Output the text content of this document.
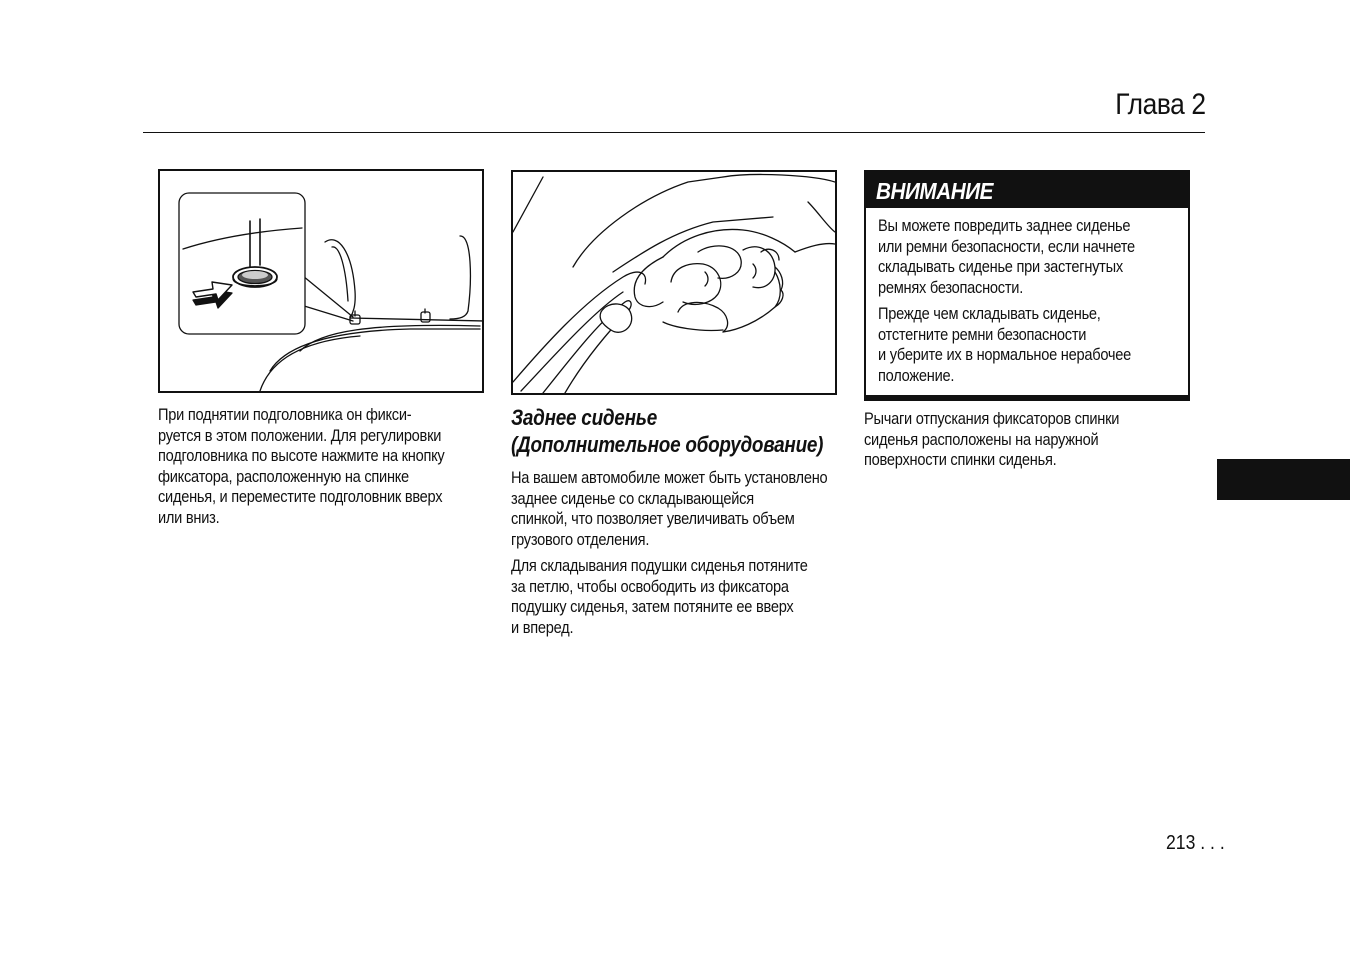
Глава 2

При поднятии подголовника он фикси-

руется в этом положении. Для регулировки

подголовника по высоте нажмите на кнопку

фиксатора, расположенную на спинке

сиденья, и переместите подголовник вверх

или вниз.

Заднее сиденье

(Дополнительное оборудование)

На вашем автомобиле может быть установлено
заднее сиденье со складывающейся
спинкой, что позволяет увеличивать объем
грузового отделения.

Для складывания подушки сиденья потяните
за петлю, чтобы освободить из фиксатора
подушку сиденья, затем потяните ее вверх
и вперед.

ВНИМАНИЕ

Вы можете повредить заднее сиденье
или ремни безопасности, если начнете
складывать сиденье при застегнутых
ремнях безопасности.

Прежде чем складывать сиденье,
отстегните ремни безопасности
и уберите их в нормальное нерабочее
положение.

Рычаги отпускания фиксаторов спинки

сиденья расположены на наружной

поверхности спинки сиденья.

213 . . .
